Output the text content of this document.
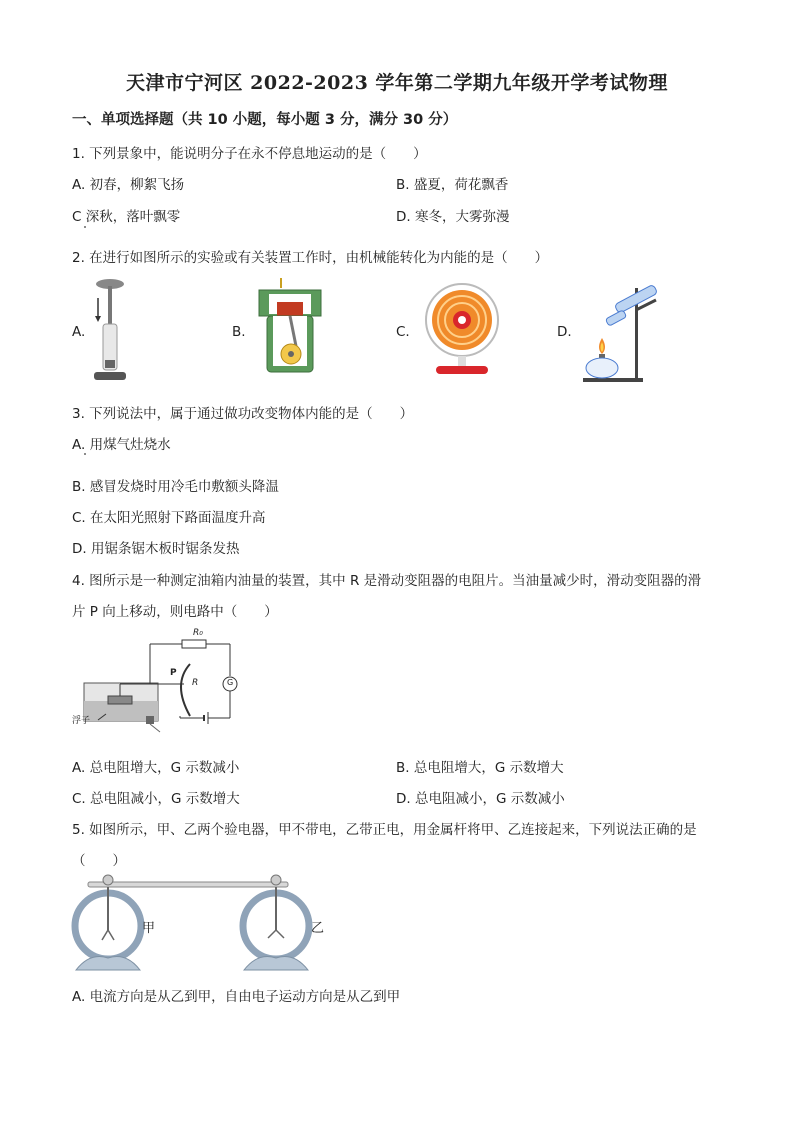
天津市宁河区 2022-2023 学年第二学期九年级开学考试物理
一、单项选择题（共 10 小题，每小题 3 分，满分 30 分）
1. 下列景象中，能说明分子在永不停息地运动的是（　　）
A. 初春，柳絮飞扬	B. 盛夏，荷花飘香
C 深秋，落叶飘零	D. 寒冬，大雾弥漫
2. 在进行如图所示的实验或有关装置工作时，由机械能转化为内能的是（　　）
A.	B.	C.	D.
3. 下列说法中，属于通过做功改变物体内能的是（　　）
A. 用煤气灶烧水
B. 感冒发烧时用冷毛巾敷额头降温
C. 在太阳光照射下路面温度升高
D. 用锯条锯木板时锯条发热
4. 图所示是一种测定油箱内油量的装置，其中 R 是滑动变阻器的电阻片。当油量减少时，滑动变阻器的滑
片 P 向上移动，则电路中（　　）
R₀
P
R	G
浮子
A. 总电阻增大，G 示数减小	B. 总电阻增大，G 示数增大
C. 总电阻减小，G 示数增大	D. 总电阻减小，G 示数减小
5. 如图所示，甲、乙两个验电器，甲不带电，乙带正电，用金属杆将甲、乙连接起来，下列说法正确的是
（　　）
甲	乙
A. 电流方向是从乙到甲，自由电子运动方向是从乙到甲
